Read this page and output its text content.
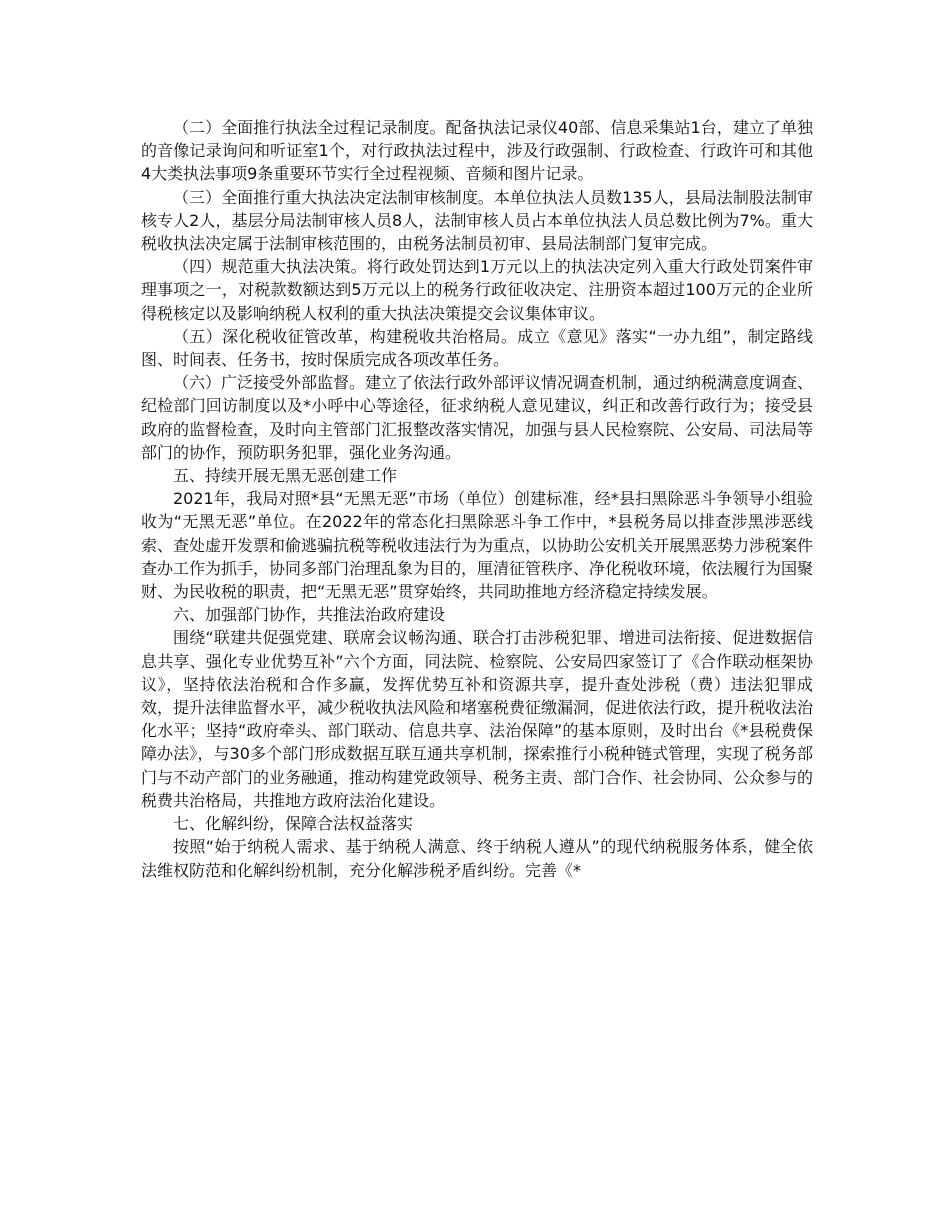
（二）全面推行执法全过程记录制度。配备执法记录仪40部、信息采集站1台，建立了单独的音像记录询问和听证室1个，对行政执法过程中，涉及行政强制、行政检查、行政许可和其他4大类执法事项9条重要环节实行全过程视频、音频和图片记录。

（三）全面推行重大执法决定法制审核制度。本单位执法人员数135人，县局法制股法制审核专人2人，基层分局法制审核人员8人，法制审核人员占本单位执法人员总数比例为7%。重大税收执法决定属于法制审核范围的，由税务法制员初审、县局法制部门复审完成。

（四）规范重大执法决策。将行政处罚达到1万元以上的执法决定列入重大行政处罚案件审理事项之一，对税款数额达到5万元以上的税务行政征收决定、注册资本超过100万元的企业所得税核定以及影响纳税人权利的重大执法决策提交会议集体审议。

（五）深化税收征管改革，构建税收共治格局。成立《意见》落实“一办九组”，制定路线图、时间表、任务书，按时保质完成各项改革任务。

（六）广泛接受外部监督。建立了依法行政外部评议情况调查机制，通过纳税满意度调查、纪检部门回访制度以及*小呼中心等途径，征求纳税人意见建议，纠正和改善行政行为；接受县政府的监督检查，及时向主管部门汇报整改落实情况，加强与县人民检察院、公安局、司法局等部门的协作，预防职务犯罪，强化业务沟通。

五、持续开展无黑无恶创建工作

2021年，我局对照*县“无黑无恶”市场（单位）创建标准，经*县扫黑除恶斗争领导小组验收为“无黑无恶”单位。在2022年的常态化扫黑除恶斗争工作中，*县税务局以排查涉黑涉恶线索、查处虚开发票和偷逃骗抗税等税收违法行为为重点，以协助公安机关开展黑恶势力涉税案件查办工作为抓手，协同多部门治理乱象为目的，厘清征管秩序、净化税收环境，依法履行为国聚财、为民收税的职责，把“无黑无恶”贯穿始终，共同助推地方经济稳定持续发展。

六、加强部门协作，共推法治政府建设

围绕“联建共促强党建、联席会议畅沟通、联合打击涉税犯罪、增进司法衔接、促进数据信息共享、强化专业优势互补”六个方面，同法院、检察院、公安局四家签订了《合作联动框架协议》，坚持依法治税和合作多赢，发挥优势互补和资源共享，提升查处涉税（费）违法犯罪成效，提升法律监督水平，减少税收执法风险和堵塞税费征缴漏洞，促进依法行政，提升税收法治化水平；坚持“政府牵头、部门联动、信息共享、法治保障”的基本原则，及时出台《*县税费保障办法》，与30多个部门形成数据互联互通共享机制，探索推行小税种链式管理，实现了税务部门与不动产部门的业务融通，推动构建党政领导、税务主责、部门合作、社会协同、公众参与的税费共治格局，共推地方政府法治化建设。

七、化解纠纷，保障合法权益落实

按照“始于纳税人需求、基于纳税人满意、终于纳税人遵从”的现代纳税服务体系，健全依法维权防范和化解纠纷机制，充分化解涉税矛盾纠纷。完善《*
